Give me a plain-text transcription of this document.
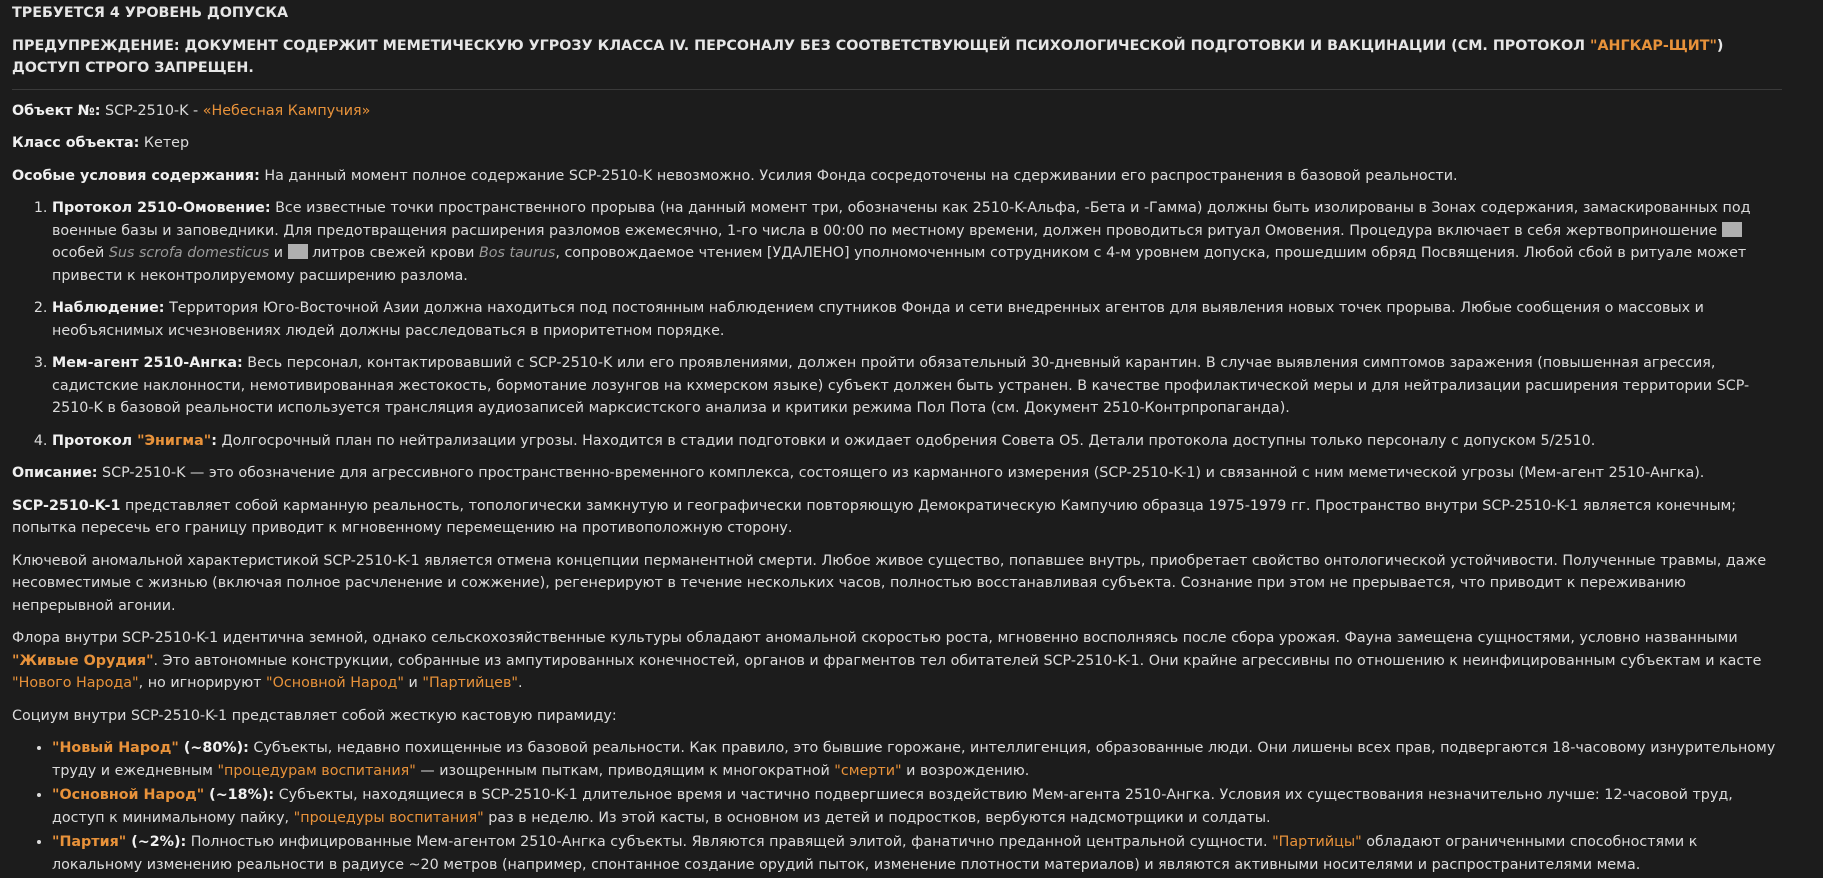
ТРЕБУЕТСЯ 4 УРОВЕНЬ ДОПУСКА
ПРЕДУПРЕЖДЕНИЕ: ДОКУМЕНТ СОДЕРЖИТ МЕМЕТИЧЕСКУЮ УГРОЗУ КЛАССА IV. ПЕРСОНАЛУ БЕЗ СООТВЕТСТВУЮЩЕЙ ПСИХОЛОГИЧЕСКОЙ ПОДГОТОВКИ И ВАКЦИНАЦИИ (СМ. ПРОТОКОЛ "АНГКАР-ЩИТ") ДОСТУП СТРОГО ЗАПРЕЩЕН.

Объект №: SCP-2510-K - «Небесная Кампучия»

Класс объекта: Кетер

Особые условия содержания: На данный момент полное содержание SCP-2510-K невозможно. Усилия Фонда сосредоточены на сдерживании его распространения в базовой реальности.

1. Протокол 2510-Омовение: Все известные точки пространственного прорыва (на данный момент три, обозначены как 2510-K-Альфа, -Бета и -Гамма) должны быть изолированы в Зонах содержания, замаскированных под военные базы и заповедники. Для предотвращения расширения разломов ежемесячно, 1-го числа в 00:00 по местному времени, должен проводиться ритуал Омовения. Процедура включает в себя жертвоприношение  особей Sus scrofa domesticus и  литров свежей крови Bos taurus, сопровождаемое чтением [УДАЛЕНО] уполномоченным сотрудником с 4-м уровнем допуска, прошедшим обряд Посвящения. Любой сбой в ритуале может привести к неконтролируемому расширению разлома.
2. Наблюдение: Территория Юго-Восточной Азии должна находиться под постоянным наблюдением спутников Фонда и сети внедренных агентов для выявления новых точек прорыва. Любые сообщения о массовых и необъяснимых исчезновениях людей должны расследоваться в приоритетном порядке.
3. Мем-агент 2510-Ангка: Весь персонал, контактировавший с SCP-2510-K или его проявлениями, должен пройти обязательный 30-дневный карантин. В случае выявления симптомов заражения (повышенная агрессия, садистские наклонности, немотивированная жестокость, бормотание лозунгов на кхмерском языке) субъект должен быть устранен. В качестве профилактической меры и для нейтрализации расширения территории SCP-2510-K в базовой реальности используется трансляция аудиозаписей марксистского анализа и критики режима Пол Пота (см. Документ 2510-Контрпропаганда).
4. Протокол "Энигма": Долгосрочный план по нейтрализации угрозы. Находится в стадии подготовки и ожидает одобрения Совета О5. Детали протокола доступны только персоналу с допуском 5/2510.

Описание: SCP-2510-K — это обозначение для агрессивного пространственно-временного комплекса, состоящего из карманного измерения (SCP-2510-K-1) и связанной с ним меметической угрозы (Мем-агент 2510-Ангка).

SCP-2510-K-1 представляет собой карманную реальность, топологически замкнутую и географически повторяющую Демократическую Кампучию образца 1975-1979 гг. Пространство внутри SCP-2510-K-1 является конечным; попытка пересечь его границу приводит к мгновенному перемещению на противоположную сторону.

Ключевой аномальной характеристикой SCP-2510-K-1 является отмена концепции перманентной смерти. Любое живое существо, попавшее внутрь, приобретает свойство онтологической устойчивости. Полученные травмы, даже несовместимые с жизнью (включая полное расчленение и сожжение), регенерируют в течение нескольких часов, полностью восстанавливая субъекта. Сознание при этом не прерывается, что приводит к переживанию непрерывной агонии.

Флора внутри SCP-2510-K-1 идентична земной, однако сельскохозяйственные культуры обладают аномальной скоростью роста, мгновенно восполняясь после сбора урожая. Фауна замещена сущностями, условно названными "Живые Орудия". Это автономные конструкции, собранные из ампутированных конечностей, органов и фрагментов тел обитателей SCP-2510-K-1. Они крайне агрессивны по отношению к неинфицированным субъектам и касте "Нового Народа", но игнорируют "Основной Народ" и "Партийцев".

Социум внутри SCP-2510-K-1 представляет собой жесткую кастовую пирамиду:

• "Новый Народ" (~80%): Субъекты, недавно похищенные из базовой реальности. Как правило, это бывшие горожане, интеллигенция, образованные люди. Они лишены всех прав, подвергаются 18-часовому изнурительному труду и ежедневным "процедурам воспитания" — изощренным пыткам, приводящим к многократной "смерти" и возрождению.
• "Основной Народ" (~18%): Субъекты, находящиеся в SCP-2510-K-1 длительное время и частично подвергшиеся воздействию Мем-агента 2510-Ангка. Условия их существования незначительно лучше: 12-часовой труд, доступ к минимальному пайку, "процедуры воспитания" раз в неделю. Из этой касты, в основном из детей и подростков, вербуются надсмотрщики и солдаты.
• "Партия" (~2%): Полностью инфицированные Мем-агентом 2510-Ангка субъекты. Являются правящей элитой, фанатично преданной центральной сущности. "Партийцы" обладают ограниченными способностями к локальному изменению реальности в радиусе ~20 метров (например, спонтанное создание орудий пыток, изменение плотности материалов) и являются активными носителями и распространителями мема.
